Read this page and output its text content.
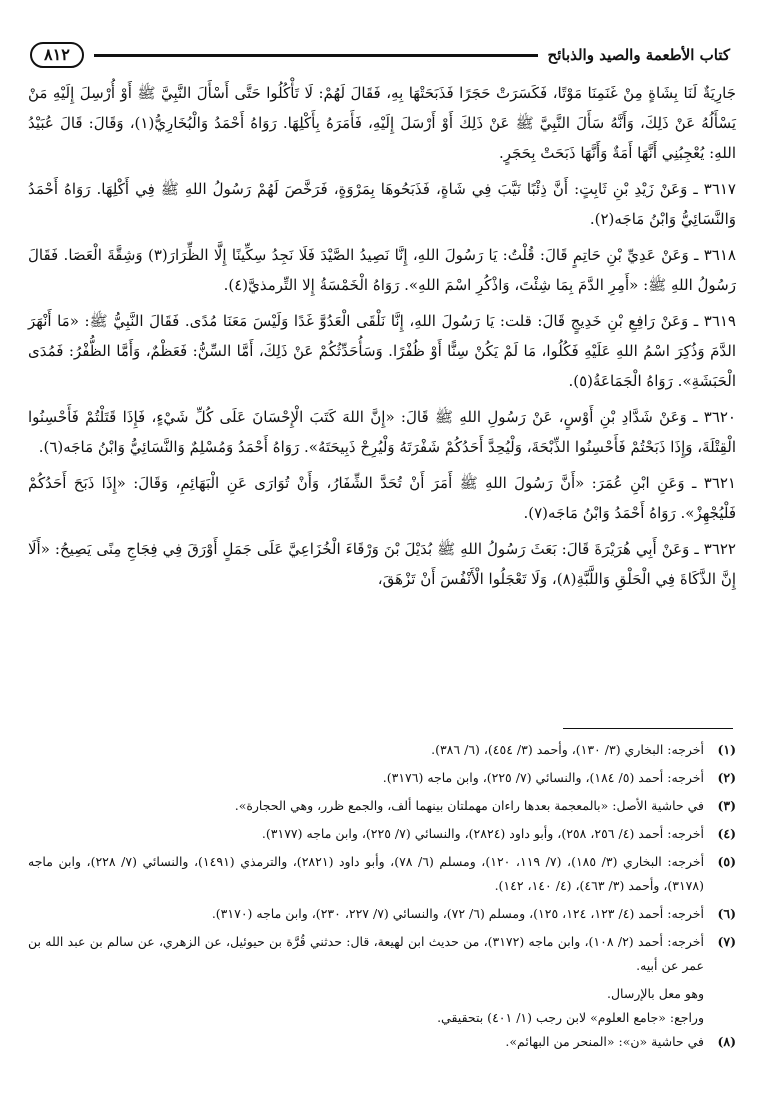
كتاب الأطعمة والصيد والذبائح
٨١٢

جَارِيَةٌ لَنَا بِشَاةٍ مِنْ غَنَمِنَا مَوْتًا، فَكَسَرَتْ حَجَرًا فَذَبَحَتْهَا بِهِ، فَقَالَ لَهُمْ: لَا تَأْكُلُوا حَتَّى أَسْأَلَ النَّبِيَّ ﷺ أَوْ أُرْسِلَ إِلَيْهِ مَنْ يَسْأَلُهُ عَنْ ذَلِكَ، وَأَنَّهُ سَأَلَ النَّبِيَّ ﷺ عَنْ ذَلِكَ أَوْ أَرْسَلَ إِلَيْهِ، فَأَمَرَهُ بِأَكْلِهَا. رَوَاهُ أَحْمَدُ وَالْبُخَارِيُّ(١)، وَقَالَ: قَالَ عُبَيْدُ اللهِ: يُعْجِبُنِي أَنَّهَا أَمَةٌ وَأَنَّهَا ذَبَحَتْ بِحَجَرٍ.

٣٦١٧ ـ وَعَنْ زَيْدِ بْنِ ثَابِتٍ: أَنَّ ذِئْبًا نَيَّبَ فِي شَاةٍ، فَذَبَحُوهَا بِمَرْوَةٍ، فَرَخَّصَ لَهُمْ رَسُولُ اللهِ ﷺ فِي أَكْلِهَا. رَوَاهُ أَحْمَدُ وَالنَّسَائِيُّ وَابْنُ مَاجَه(٢).

٣٦١٨ ـ وَعَنْ عَدِيِّ بْنِ حَاتِمٍ قَالَ: قُلْتُ: يَا رَسُولَ اللهِ، إِنَّا نَصِيدُ الصَّيْدَ فَلَا نَجِدُ سِكِّينًا إِلَّا الظِّرَارَ(٣) وَشِقَّةَ الْعَصَا. فَقَالَ رَسُولُ اللهِ ﷺ: «أَمِرِ الدَّمَ بِمَا شِئْتَ، وَاذْكُرِ اسْمَ اللهِ». رَوَاهُ الْخَمْسَةُ إِلا التِّرمذيَّ(٤).

٣٦١٩ ـ وَعَنْ رَافِعِ بْنِ خَدِيجٍ قَالَ: قلت: يَا رَسُولَ اللهِ، إِنَّا نَلْقَى الْعَدُوَّ غَدًا وَلَيْسَ مَعَنَا مُدًى. فَقَالَ النَّبِيُّ ﷺ: «مَا أَنْهَرَ الدَّمَ وَذُكِرَ اسْمُ اللهِ عَلَيْهِ فَكُلُوا، مَا لَمْ يَكُنْ سِنًّا أَوْ ظُفْرًا. وَسَأُحَدِّثُكُمْ عَنْ ذَلِكَ، أَمَّا السِّنُّ: فَعَظْمٌ، وَأَمَّا الظُّفْرُ: فَمُدَى الْحَبَشَةِ». رَوَاهُ الْجَمَاعَةُ(٥).

٣٦٢٠ ـ وَعَنْ شَدَّادِ بْنِ أَوْسٍ، عَنْ رَسُولِ اللهِ ﷺ قَالَ: «إِنَّ اللهَ كَتَبَ الْإِحْسَانَ عَلَى كُلِّ شَيْءٍ، فَإِذَا قَتَلْتُمْ فَأَحْسِنُوا الْقِتْلَةَ، وَإِذَا ذَبَحْتُمْ فَأَحْسِنُوا الذِّبْحَةَ، وَلْيُحِدَّ أَحَدُكُمْ شَفْرَتَهُ وَلْيُرِحْ ذَبِيحَتَهُ». رَوَاهُ أَحْمَدُ وَمُسْلِمٌ وَالنَّسَائِيُّ وَابْنُ مَاجَه(٦).

٣٦٢١ ـ وَعَنِ ابْنِ عُمَرَ: «أَنَّ رَسُولَ اللهِ ﷺ أَمَرَ أَنْ تُحَدَّ الشِّفَارُ، وَأَنْ تُوَارَى عَنِ الْبَهَائِمِ، وَقَالَ: «إِذَا ذَبَحَ أَحَدُكُمْ فَلْيُجْهِزْ». رَوَاهُ أَحْمَدُ وَابْنُ مَاجَه(٧).

٣٦٢٢ ـ وَعَنْ أَبِي هُرَيْرَةَ قَالَ: بَعَثَ رَسُولُ اللهِ ﷺ بُدَيْلَ بْنَ وَرْقَاءَ الْخُزَاعِيَّ عَلَى جَمَلٍ أَوْرَقَ فِي فِجَاجِ مِنًى يَصِيحُ: «أَلَا إِنَّ الذَّكَاةَ فِي الْحَلْقِ وَاللَّبَّةِ(٨)، وَلَا تَعْجَلُوا الْأَنْفُسَ أَنْ تَزْهَقَ،

(١)
أخرجه: البخاري (٣/ ١٣٠)، وأحمد (٣/ ٤٥٤)، (٦/ ٣٨٦).
(٢)
أخرجه: أحمد (٥/ ١٨٤)، والنسائي (٧/ ٢٢٥)، وابن ماجه (٣١٧٦).
(٣)
في حاشية الأصل: «بالمعجمة بعدها راءان مهملتان بينهما ألف، والجمع ظرر، وهي الحجارة».
(٤)
أخرجه: أحمد (٤/ ٢٥٦، ٢٥٨)، وأبو داود (٢٨٢٤)، والنسائي (٧/ ٢٢٥)، وابن ماجه (٣١٧٧).
(٥)
أخرجه: البخاري (٣/ ١٨٥)، (٧/ ١١٩، ١٢٠)، ومسلم (٦/ ٧٨)، وأبو داود (٢٨٢١)، والترمذي (١٤٩١)، والنسائي (٧/ ٢٢٨)، وابن ماجه (٣١٧٨)، وأحمد (٣/ ٤٦٣)، (٤/ ١٤٠، ١٤٢).
(٦)
أخرجه: أحمد (٤/ ١٢٣، ١٢٤، ١٢٥)، ومسلم (٦/ ٧٢)، والنسائي (٧/ ٢٢٧، ٢٣٠)، وابن ماجه (٣١٧٠).
(٧)
أخرجه: أحمد (٢/ ١٠٨)، وابن ماجه (٣١٧٢)، من حديث ابن لهيعة، قال: حدثني قُرَّة بن حيوئيل، عن الزهري، عن سالم بن عبد الله بن عمر عن أبيه.
وهو معل بالإرسال.
وراجع: «جامع العلوم» لابن رجب (١/ ٤٠١) بتحقيقي.
(٨)
في حاشية «ن»: «المنحر من البهائم».
